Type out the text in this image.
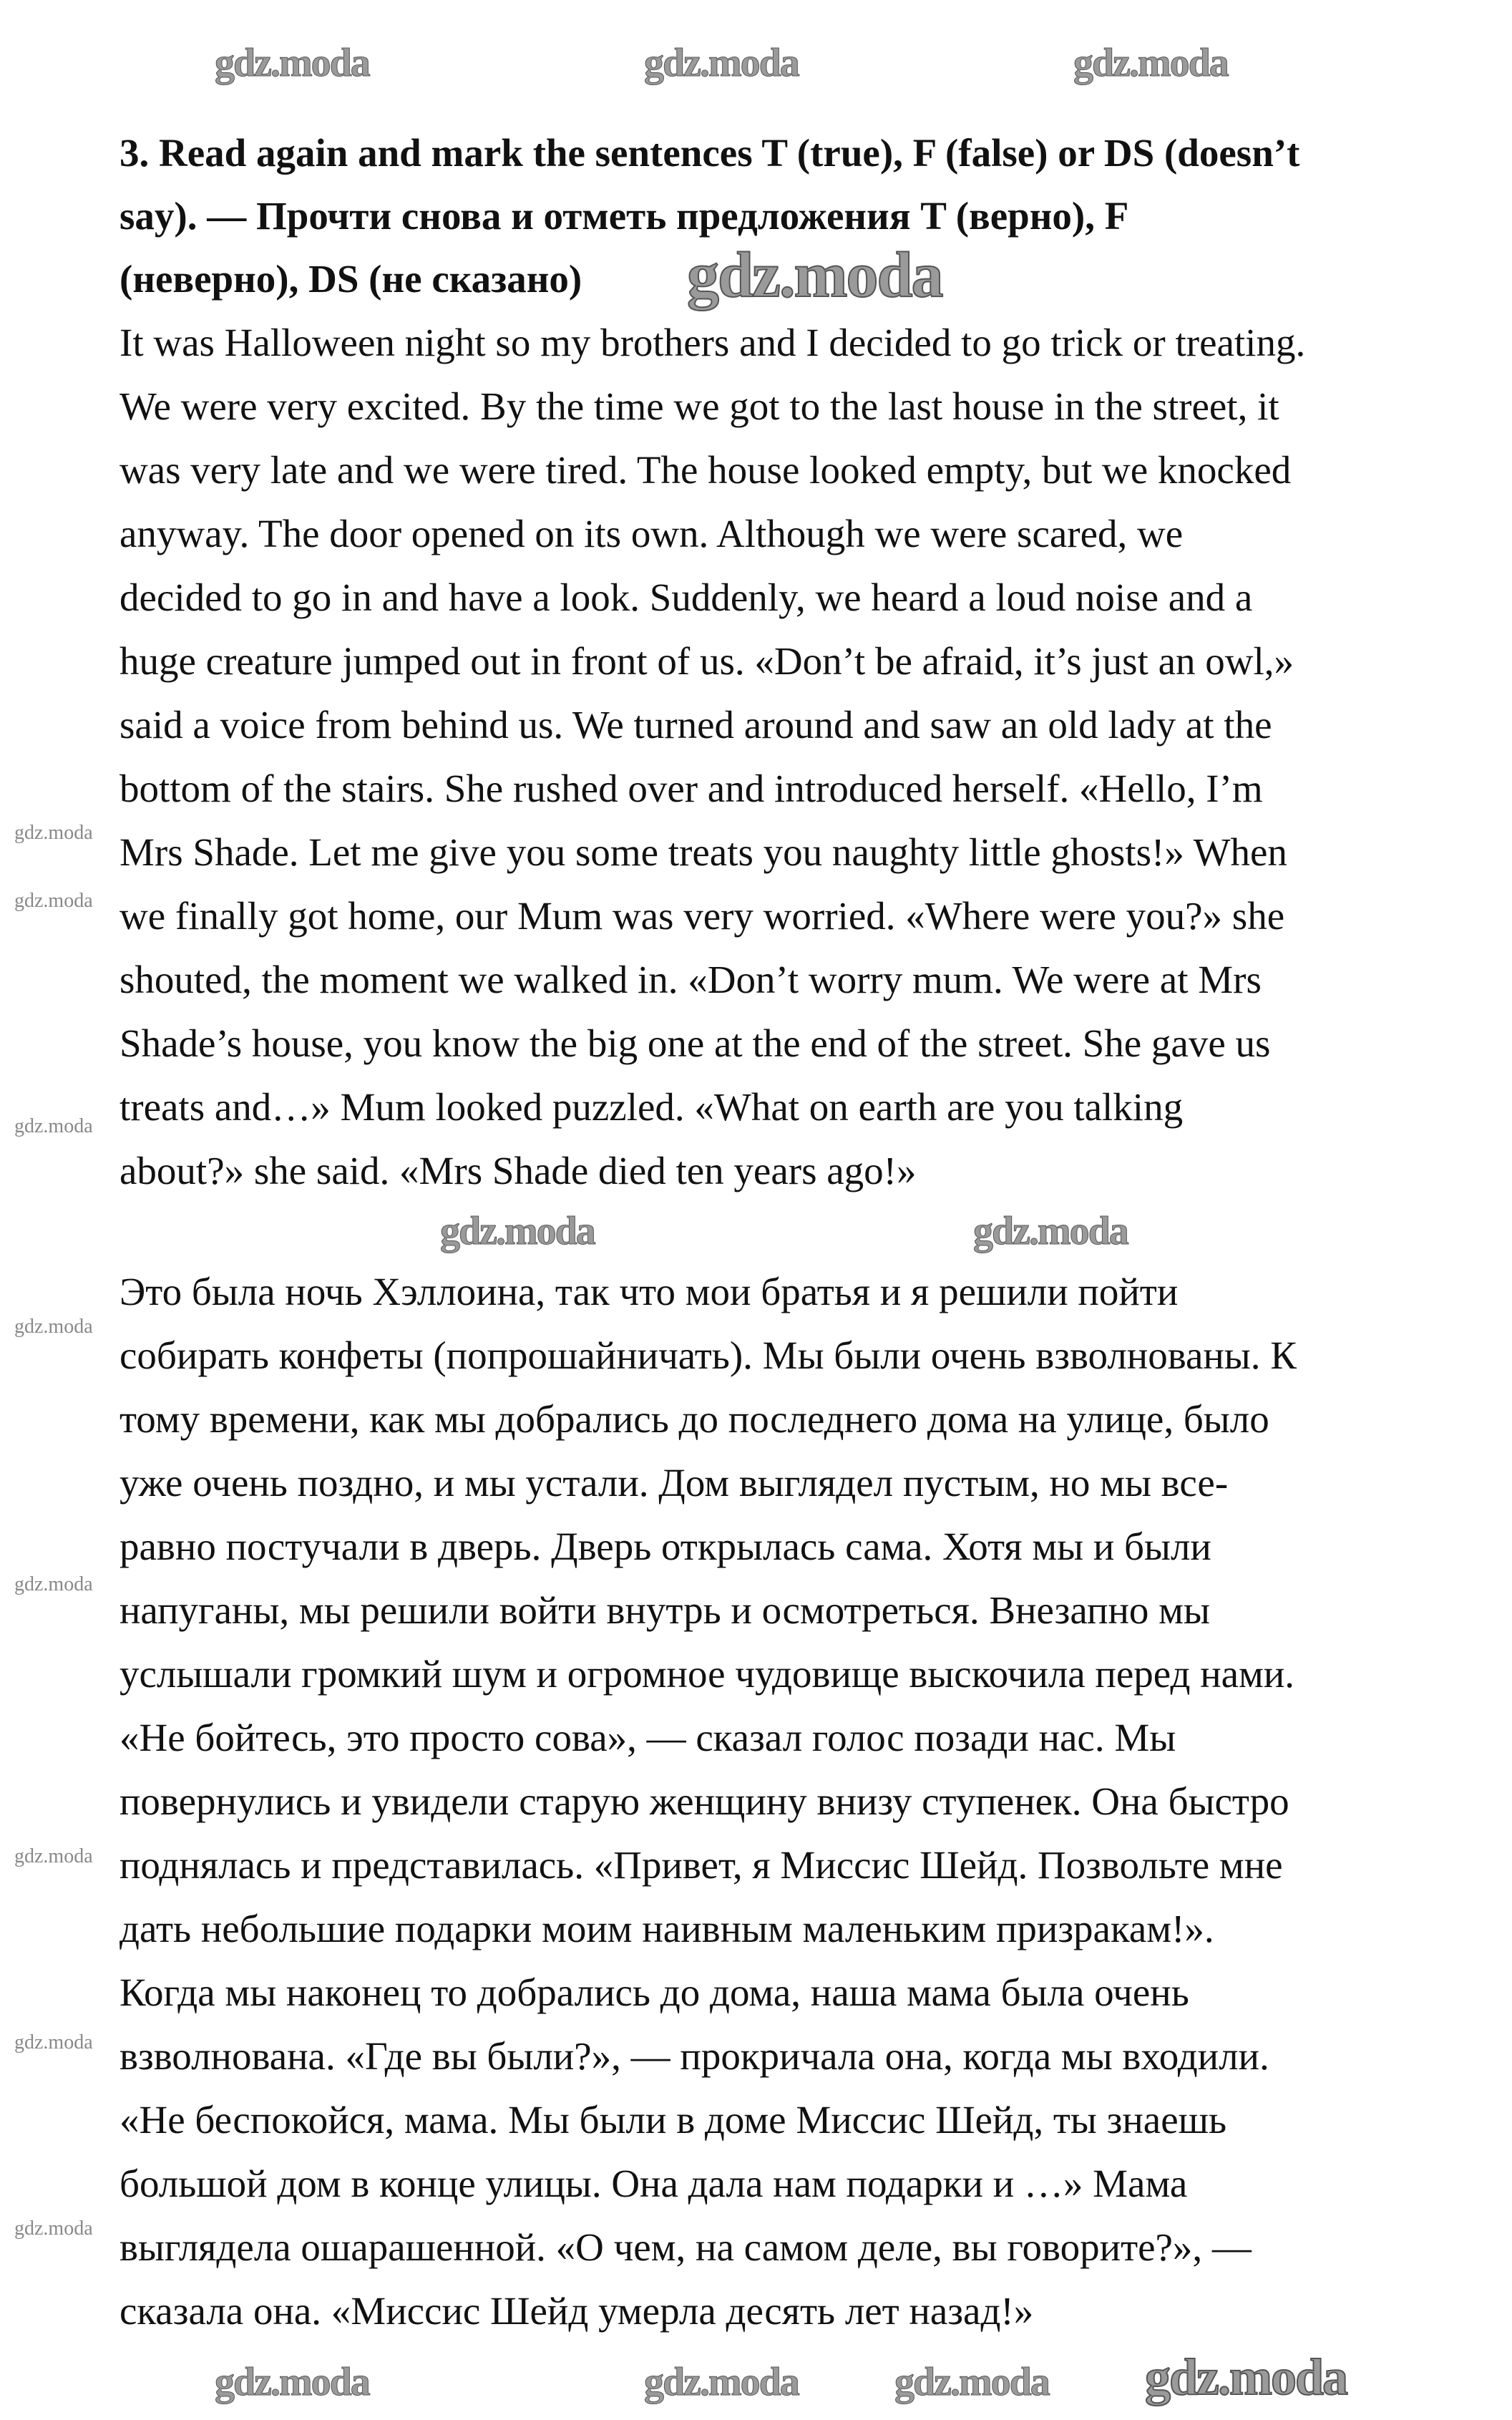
3. Read again and mark the sentences T (true), F (false) or DS (doesn’t
say). — Прочти снова и отметь предложения T (верно), F
(неверно), DS (не сказано)
It was Halloween night so my brothers and I decided to go trick or treating.
We were very excited. By the time we got to the last house in the street, it
was very late and we were tired. The house looked empty, but we knocked
anyway. The door opened on its own. Although we were scared, we
decided to go in and have a look. Suddenly, we heard a loud noise and a
huge creature jumped out in front of us. «Don’t be afraid, it’s just an owl,»
said a voice from behind us. We turned around and saw an old lady at the
bottom of the stairs. She rushed over and introduced herself. «Hello, I’m
Mrs Shade. Let me give you some treats you naughty little ghosts!» When
we finally got home, our Mum was very worried. «Where were you?» she
shouted, the moment we walked in. «Don’t worry mum. We were at Mrs
Shade’s house, you know the big one at the end of the street. She gave us
treats and…» Mum looked puzzled. «What on earth are you talking
about?» she said. «Mrs Shade died ten years ago!»
Это была ночь Хэллоина, так что мои братья и я решили пойти
собирать конфеты (попрошайничать). Мы были очень взволнованы. К
тому времени, как мы добрались до последнего дома на улице, было
уже очень поздно, и мы устали. Дом выглядел пустым, но мы все-
равно постучали в дверь. Дверь открылась сама. Хотя мы и были
напуганы, мы решили войти внутрь и осмотреться. Внезапно мы
услышали громкий шум и огромное чудовище выскочила перед нами.
«Не бойтесь, это просто сова», — сказал голос позади нас. Мы
повернулись и увидели старую женщину внизу ступенек. Она быстро
поднялась и представилась. «Привет, я Миссис Шейд. Позвольте мне
дать небольшие подарки моим наивным маленьким призракам!».
Когда мы наконец то добрались до дома, наша мама была очень
взволнована. «Где вы были?», — прокричала она, когда мы входили.
«Не беспокойся, мама. Мы были в доме Миссис Шейд, ты знаешь
большой дом в конце улицы. Она дала нам подарки и …» Мама
выглядела ошарашенной. «О чем, на самом деле, вы говорите?», —
сказала она. «Миссис Шейд умерла десять лет назад!»
gdz.moda
gdz.moda	gdz.moda
gdz.moda	gdz.moda	gdz.moda
gdz.moda	gdz.moda gdz.moda gdz.moda
gdz.moda
gdz.moda
gdz.moda
gdz.moda
gdz.moda
gdz.moda
gdz.moda
gdz.moda
